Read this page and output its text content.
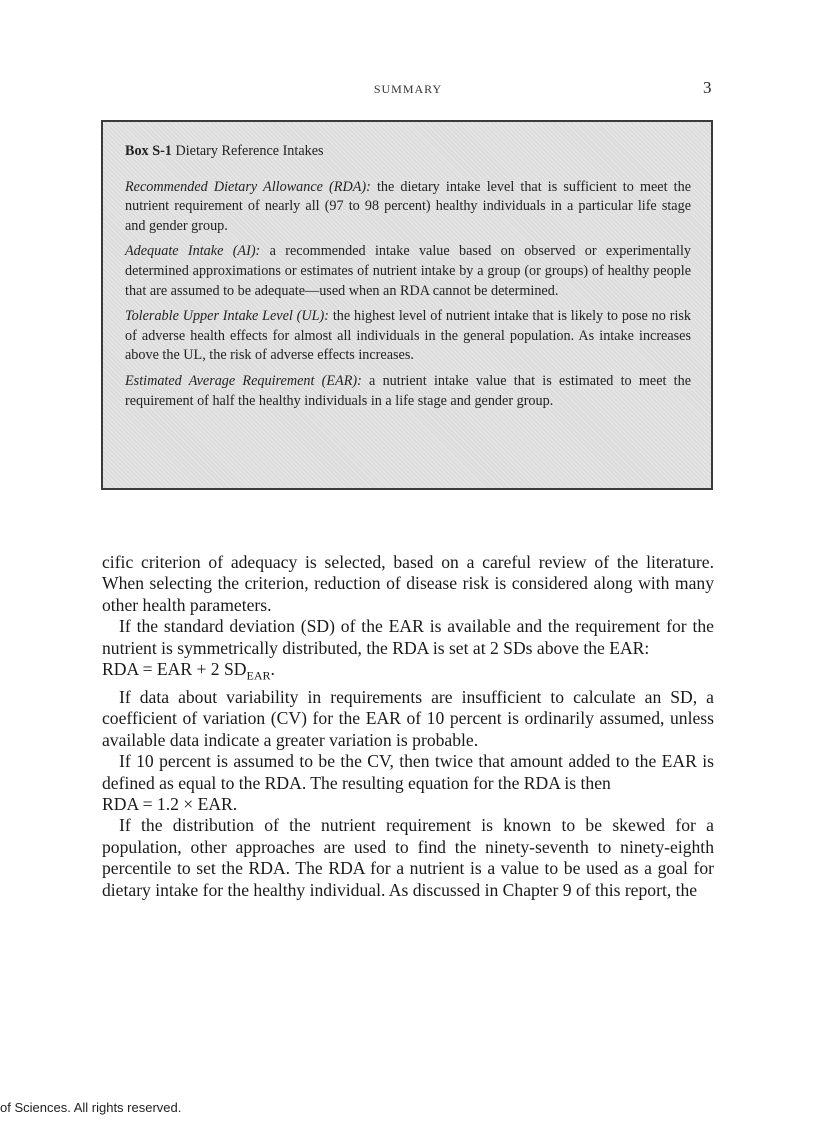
SUMMARY	3

Box S-1 Dietary Reference Intakes

Recommended Dietary Allowance (RDA): the dietary intake level that is sufficient to meet the nutrient requirement of nearly all (97 to 98 percent) healthy individuals in a particular life stage and gender group.

Adequate Intake (AI): a recommended intake value based on observed or experimentally determined approximations or estimates of nutrient intake by a group (or groups) of healthy people that are assumed to be adequate—used when an RDA cannot be determined.

Tolerable Upper Intake Level (UL): the highest level of nutrient intake that is likely to pose no risk of adverse health effects for almost all individuals in the general population. As intake increases above the UL, the risk of adverse effects increases.

Estimated Average Requirement (EAR): a nutrient intake value that is estimated to meet the requirement of half the healthy individuals in a life stage and gender group.

cific criterion of adequacy is selected, based on a careful review of the literature. When selecting the criterion, reduction of disease risk is considered along with many other health parameters.

If the standard deviation (SD) of the EAR is available and the requirement for the nutrient is symmetrically distributed, the RDA is set at 2 SDs above the EAR:

RDA = EAR + 2 $SD_{EAR}$.

If data about variability in requirements are insufficient to calculate an SD, a coefficient of variation (CV) for the EAR of 10 percent is ordinarily assumed, unless available data indicate a greater variation is probable.

If 10 percent is assumed to be the CV, then twice that amount added to the EAR is defined as equal to the RDA. The resulting equation for the RDA is then

RDA = 1.2 × EAR.

If the distribution of the nutrient requirement is known to be skewed for a population, other approaches are used to find the ninety-seventh to ninety-eighth percentile to set the RDA. The RDA for a nutrient is a value to be used as a goal for dietary intake for the healthy individual. As discussed in Chapter 9 of this report, the

of Sciences. All rights reserved.
